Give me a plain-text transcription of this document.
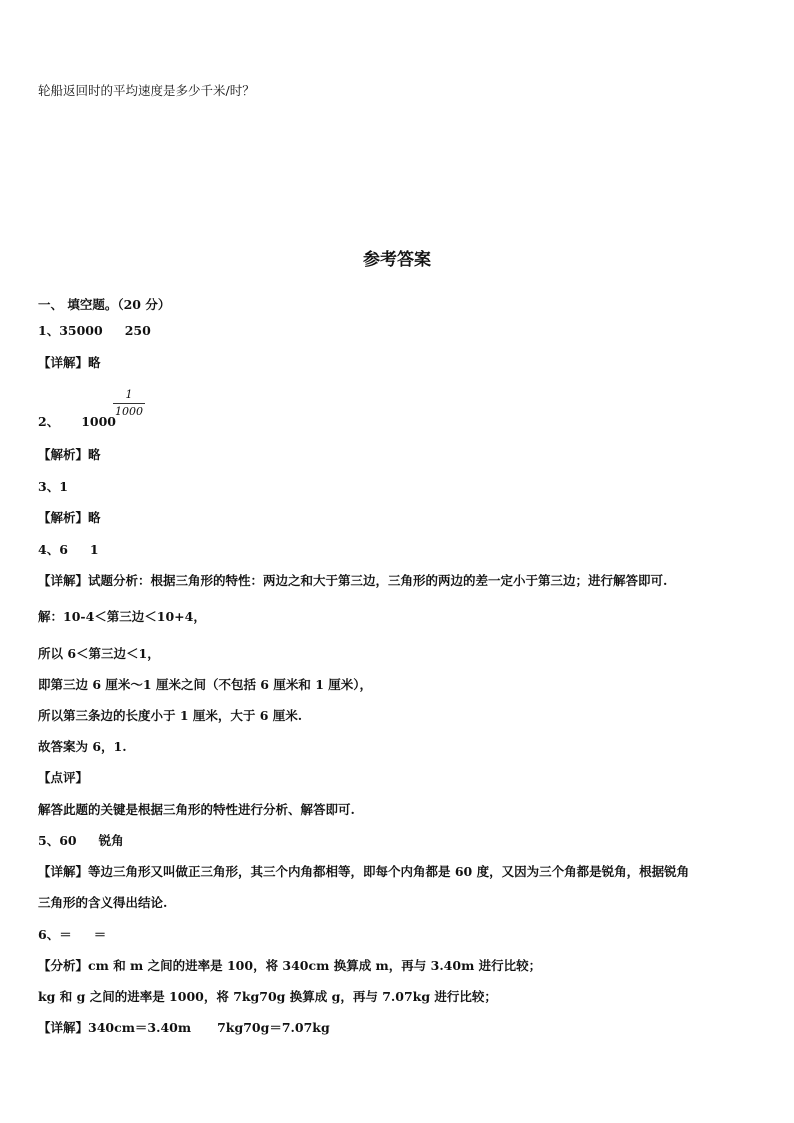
轮船返回时的平均速度是多少千米/时？
参考答案
一、 填空题。（20 分）
1、35000 250
【详解】略
2、 1000
1
1000
【解析】略
3、1
【解析】略
4、6 1
【详解】试题分析：根据三角形的特性：两边之和大于第三边，三角形的两边的差一定小于第三边；进行解答即可.
解：10-4＜第三边＜10+4，
所以 6＜第三边＜1，
即第三边 6 厘米～1 厘米之间（不包括 6 厘米和 1 厘米），
所以第三条边的长度小于 1 厘米，大于 6 厘米.
故答案为 6，1.
【点评】
解答此题的关键是根据三角形的特性进行分析、解答即可.
5、60 锐角
【详解】等边三角形又叫做正三角形，其三个内角都相等，即每个内角都是 60 度，又因为三个角都是锐角，根据锐角
三角形的含义得出结论.
6、＝ ＝
【分析】cm 和 m 之间的进率是 100，将 340cm 换算成 m，再与 3.40m 进行比较；
kg 和 g 之间的进率是 1000，将 7kg70g 换算成 g，再与 7.07kg 进行比较；
【详解】340cm＝3.40m 7kg70g＝7.07kg
